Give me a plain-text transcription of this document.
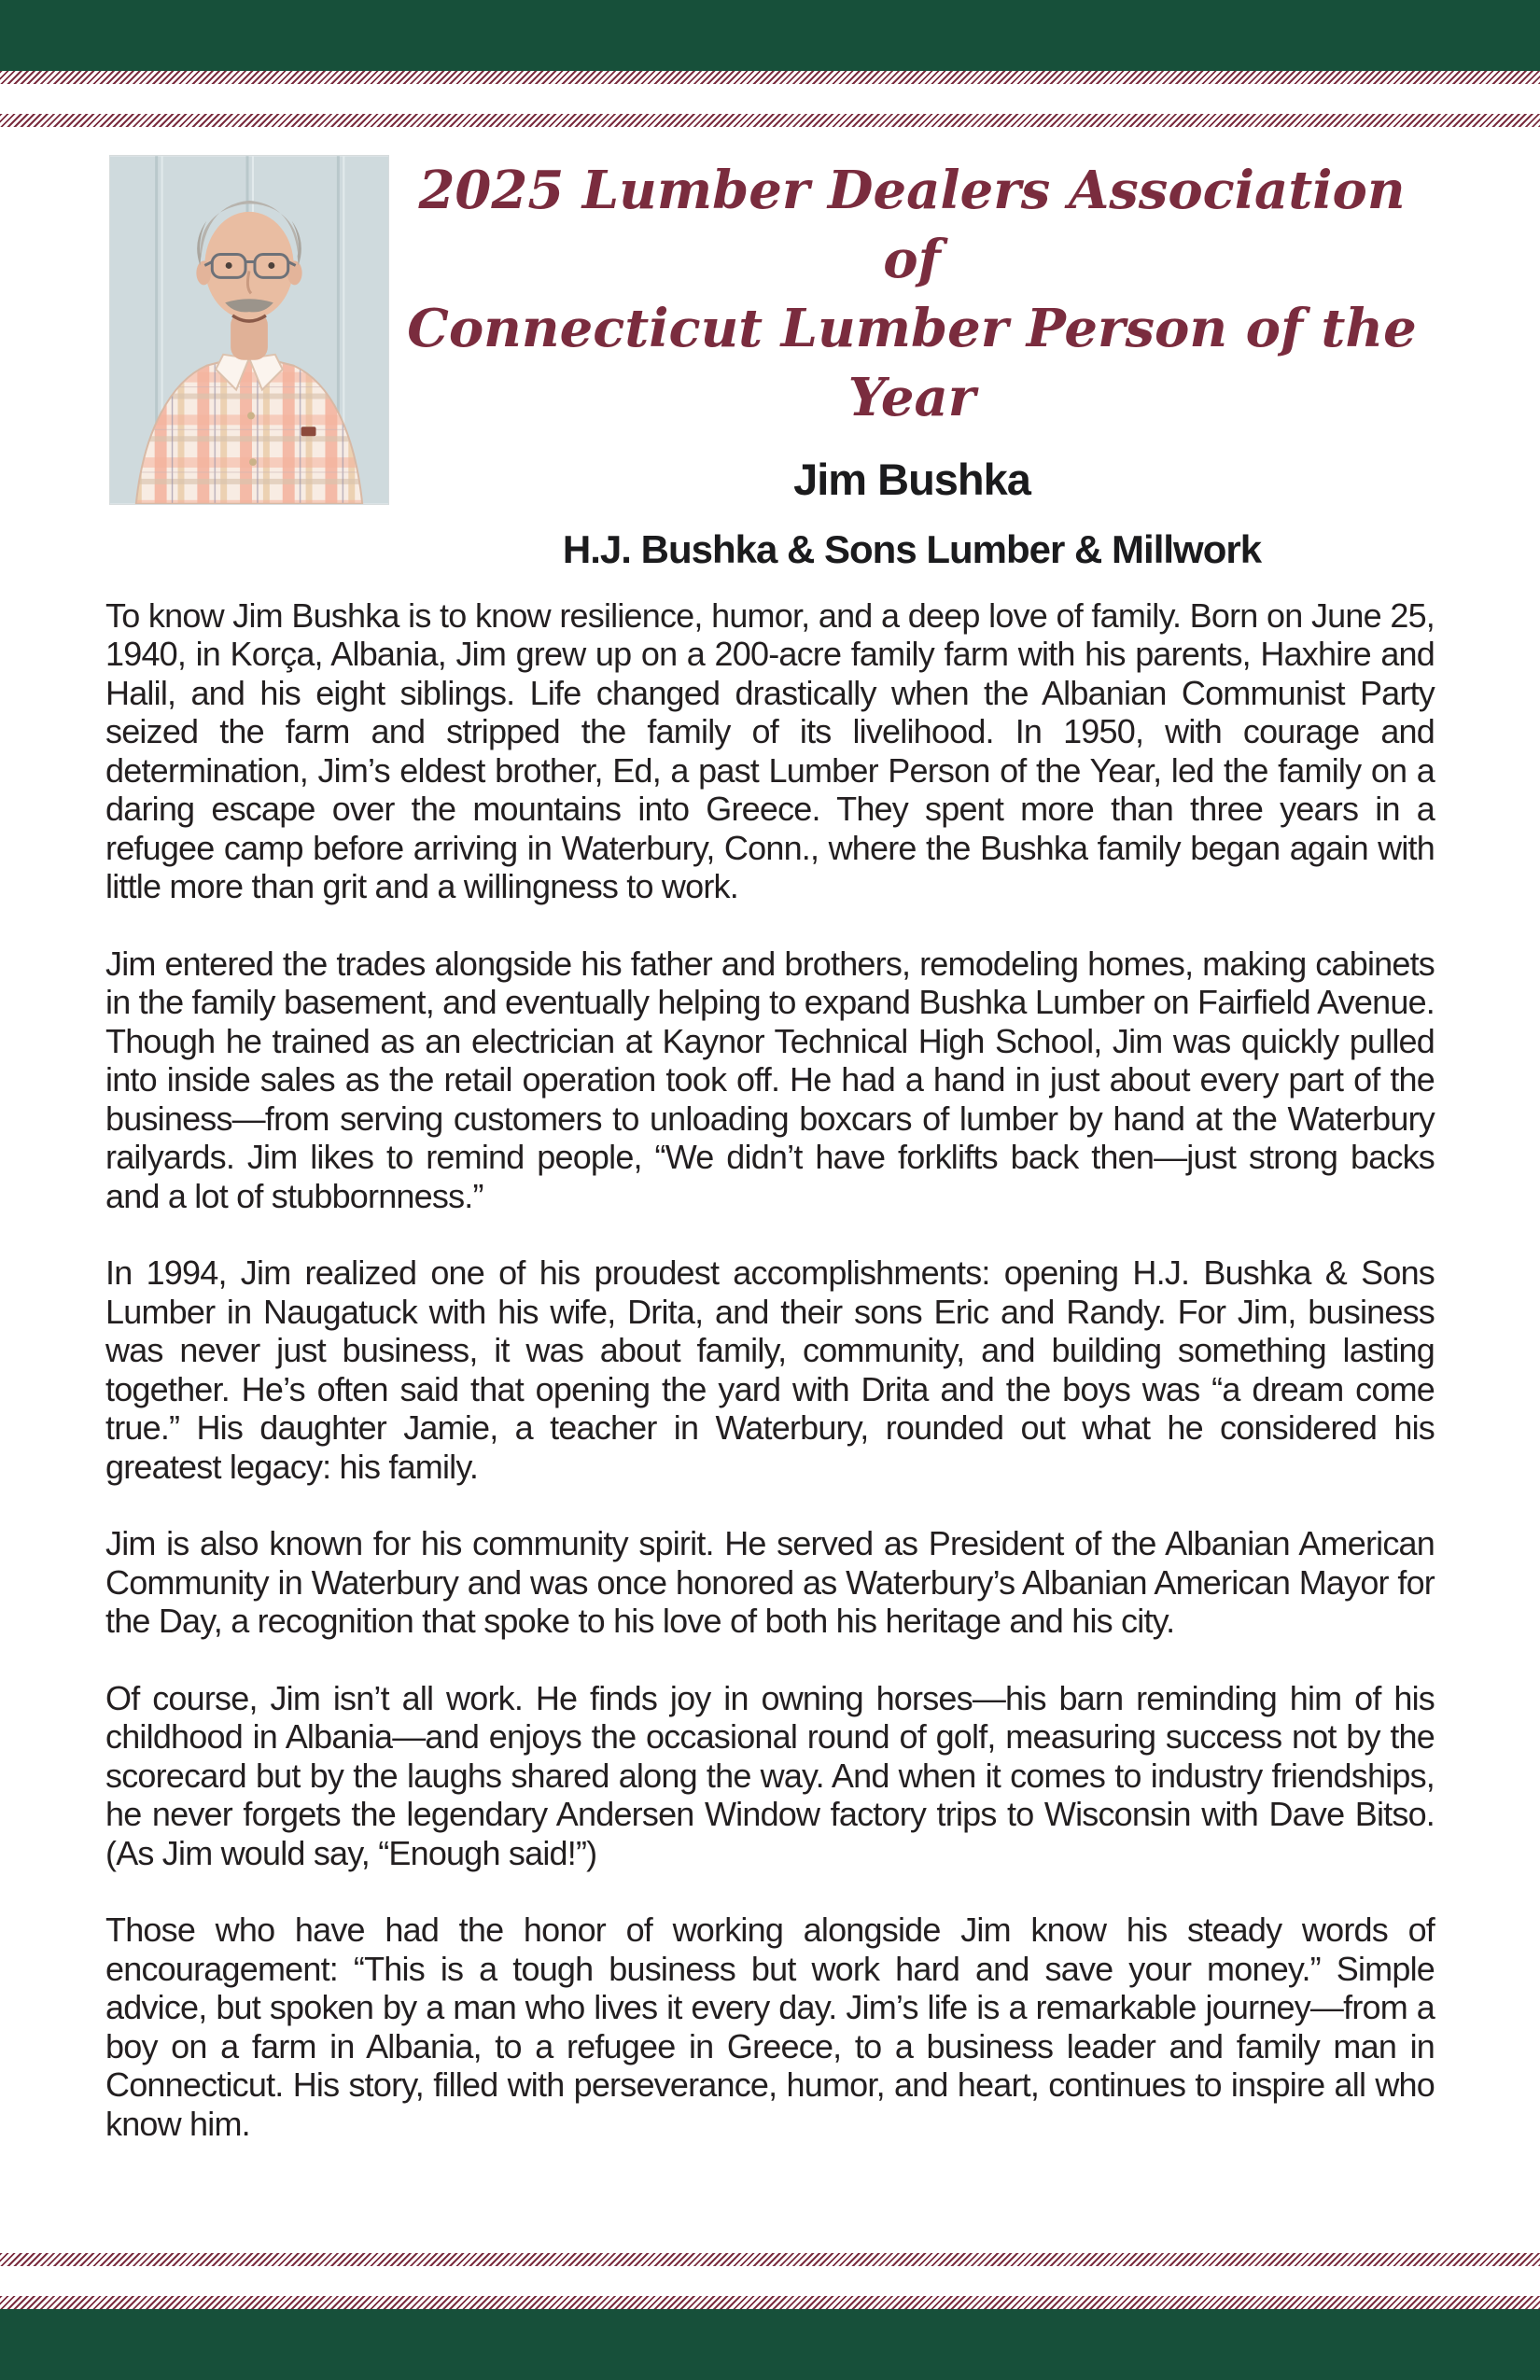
2025 Lumber Dealers Association of
Connecticut Lumber Person of the Year
Jim Bushka
H.J. Bushka & Sons Lumber & Millwork

To know Jim Bushka is to know resilience, humor, and a deep love of family. Born on June 25, 1940, in Korça, Albania, Jim grew up on a 200-acre family farm with his parents, Haxhire and Halil, and his eight siblings. Life changed drastically when the Albanian Communist Party seized the farm and stripped the family of its livelihood. In 1950, with courage and determination, Jim’s eldest brother, Ed, a past Lumber Person of the Year, led the family on a daring escape over the mountains into Greece. They spent more than three years in a refugee camp before arriving in Waterbury, Conn., where the Bushka family began again with little more than grit and a willingness to work.

Jim entered the trades alongside his father and brothers, remodeling homes, making cabinets in the family basement, and eventually helping to expand Bushka Lumber on Fairfield Avenue. Though he trained as an electrician at Kaynor Technical High School, Jim was quickly pulled into inside sales as the retail operation took off. He had a hand in just about every part of the business—from serving customers to unloading boxcars of lumber by hand at the Waterbury railyards. Jim likes to remind people, “We didn’t have forklifts back then—just strong backs and a lot of stubbornness.”

In 1994, Jim realized one of his proudest accomplishments: opening H.J. Bushka & Sons Lumber in Naugatuck with his wife, Drita, and their sons Eric and Randy. For Jim, business was never just business, it was about family, community, and building something lasting together. He’s often said that opening the yard with Drita and the boys was “a dream come true.” His daughter Jamie, a teacher in Waterbury, rounded out what he considered his greatest legacy: his family.

Jim is also known for his community spirit. He served as President of the Albanian American Community in Waterbury and was once honored as Waterbury’s Albanian American Mayor for the Day, a recognition that spoke to his love of both his heritage and his city.

Of course, Jim isn’t all work. He finds joy in owning horses—his barn reminding him of his childhood in Albania—and enjoys the occasional round of golf, measuring success not by the scorecard but by the laughs shared along the way. And when it comes to industry friendships, he never forgets the legendary Andersen Window factory trips to Wisconsin with Dave Bitso. (As Jim would say, “Enough said!”)

Those who have had the honor of working alongside Jim know his steady words of encouragement: “This is a tough business but work hard and save your money.” Simple advice, but spoken by a man who lives it every day. Jim’s life is a remarkable journey—from a boy on a farm in Albania, to a refugee in Greece, to a business leader and family man in Connecticut. His story, filled with perseverance, humor, and heart, continues to inspire all who know him.
